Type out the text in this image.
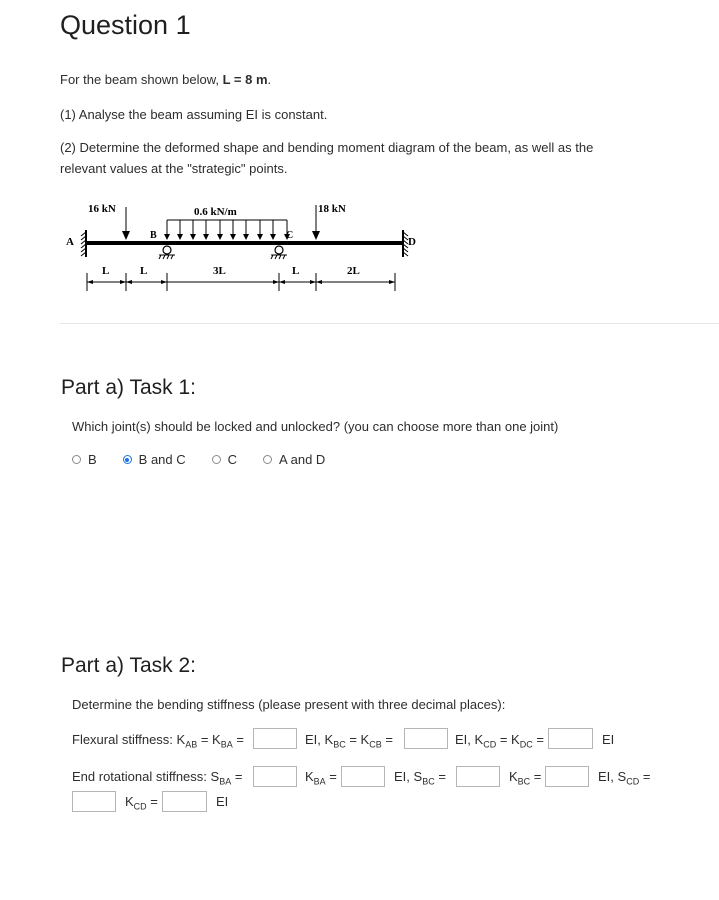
Question 1
For the beam shown below, L = 8 m.
(1) Analyse the beam assuming EI is constant.
(2) Determine the deformed shape and bending moment diagram of the beam, as well as the
relevant values at the "strategic" points.
A	D
16 kN
B
0.6 kN/m
C
18 kN
L	L	3L	L	2L
Part a) Task 1:
Which joint(s) should be locked and unlocked? (you can choose more than one joint)
B	B and C	C	A and D
Part a) Task 2:
Determine the bending stiffness (please present with three decimal places):
Flexural stiffness: $K_{AB} = K_{BA}$ =	EI, $K_{BC} = K_{CB}$ =	EI, $K_{CD} = K_{DC}$ =	EI
End rotational stiffness: $S_{BA}$ =	$K_{BA}$ =	EI, $S_{BC}$ =	$K_{BC}$ =	EI, $S_{CD}$ =
$K_{CD}$ =	EI
